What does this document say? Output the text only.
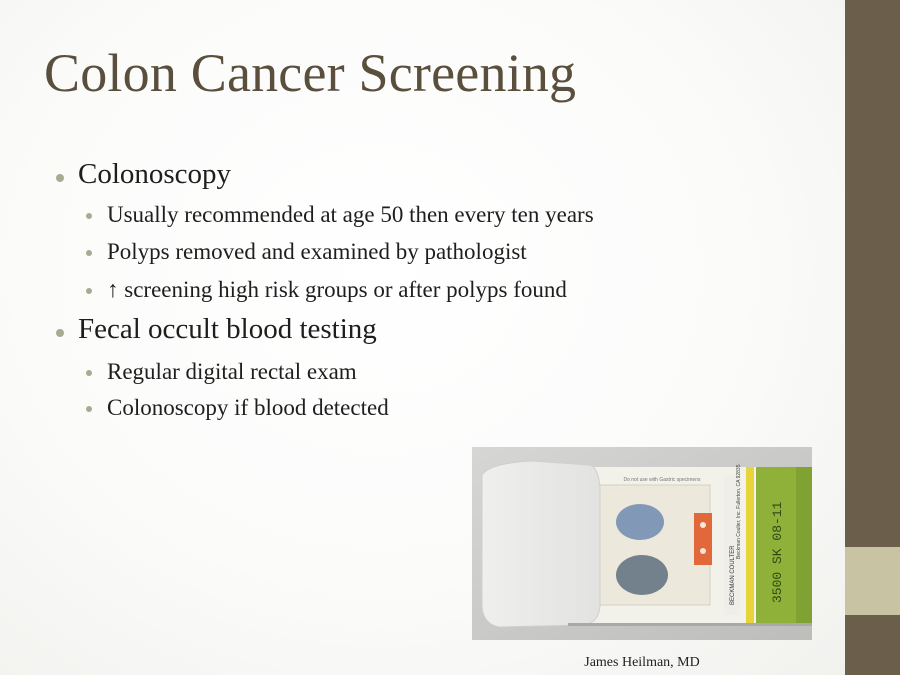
Colon Cancer Screening
Colonoscopy
Usually recommended at age 50 then every ten years
Polyps removed and examined by pathologist
↑ screening high risk groups or after polyps found
Fecal occult blood testing
Regular digital rectal exam
Colonoscopy if blood detected
Do not use with Gastric specimens
BECKMAN COULTER
Beckman Coulter, Inc. Fullerton, CA 92835 3500 SK 08-11
James Heilman, MD
